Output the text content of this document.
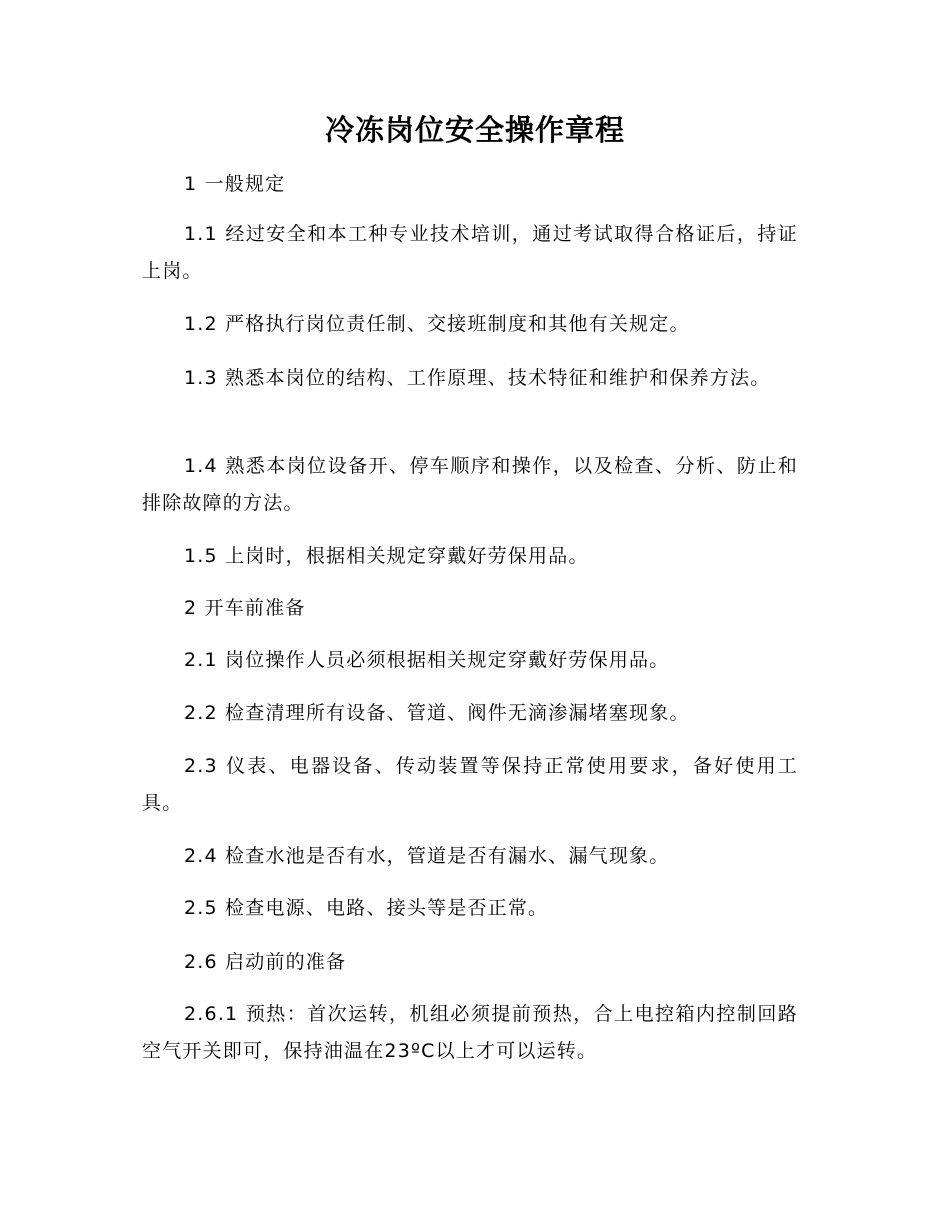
冷冻岗位安全操作章程

1 一般规定

1.1 经过安全和本工种专业技术培训，通过考试取得合格证后，持证上岗。

1.2 严格执行岗位责任制、交接班制度和其他有关规定。

1.3 熟悉本岗位的结构、工作原理、技术特征和维护和保养方法。

1.4 熟悉本岗位设备开、停车顺序和操作，以及检查、分析、防止和排除故障的方法。

1.5 上岗时，根据相关规定穿戴好劳保用品。

2 开车前准备

2.1 岗位操作人员必须根据相关规定穿戴好劳保用品。

2.2 检查清理所有设备、管道、阀件无滴渗漏堵塞现象。

2.3 仪表、电器设备、传动装置等保持正常使用要求，备好使用工具。

2.4 检查水池是否有水，管道是否有漏水、漏气现象。

2.5 检查电源、电路、接头等是否正常。

2.6 启动前的准备

2.6.1 预热：首次运转，机组必须提前预热，合上电控箱内控制回路空气开关即可，保持油温在23ºC以上才可以运转。
